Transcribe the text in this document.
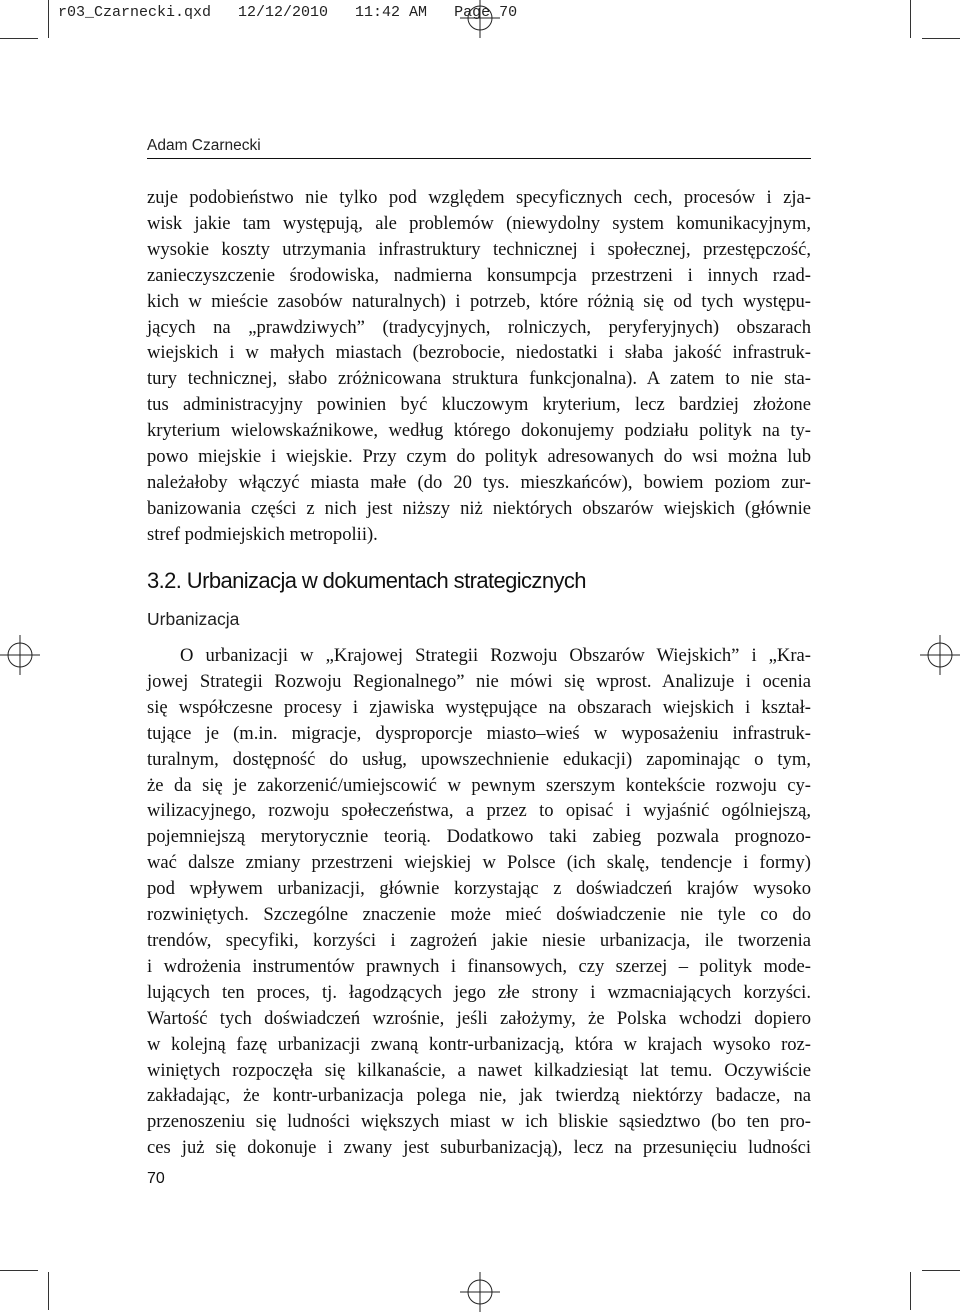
r03_Czarnecki.qxd   12/12/2010   11:42 AM   Page 70
Adam Czarnecki
zuje podobieństwo nie tylko pod względem specyficznych cech, procesów i zja-
wisk jakie tam występują, ale problemów (niewydolny system komunikacyjnym,
wysokie koszty utrzymania infrastruktury technicznej i społecznej, przestępczość,
zanieczyszczenie środowiska, nadmierna konsumpcja przestrzeni i innych rzad-
kich w mieście zasobów naturalnych) i potrzeb, które różnią się od tych występu-
jących na „prawdziwych” (tradycyjnych, rolniczych, peryferyjnych) obszarach
wiejskich i w małych miastach (bezrobocie, niedostatki i słaba jakość infrastruk-
tury technicznej, słabo zróżnicowana struktura funkcjonalna). A zatem to nie sta-
tus administracyjny powinien być kluczowym kryterium, lecz bardziej złożone
kryterium wielowskaźnikowe, według którego dokonujemy podziału polityk na ty-
powo miejskie i wiejskie. Przy czym do polityk adresowanych do wsi można lub
należałoby włączyć miasta małe (do 20 tys. mieszkańców), bowiem poziom zur-
banizowania części z nich jest niższy niż niektórych obszarów wiejskich (głównie
stref podmiejskich metropolii).
3.2. Urbanizacja w dokumentach strategicznych
Urbanizacja
O urbanizacji w „Krajowej Strategii Rozwoju Obszarów Wiejskich” i „Kra-
jowej Strategii Rozwoju Regionalnego” nie mówi się wprost. Analizuje i ocenia
się współczesne procesy i zjawiska występujące na obszarach wiejskich i kształ-
tujące je (m.in. migracje, dysproporcje miasto–wieś w wyposażeniu infrastruk-
turalnym, dostępność do usług, upowszechnienie edukacji) zapominając o tym,
że da się je zakorzenić/umiejscowić w pewnym szerszym kontekście rozwoju cy-
wilizacyjnego, rozwoju społeczeństwa, a przez to opisać i wyjaśnić ogólniejszą,
pojemniejszą merytorycznie teorią. Dodatkowo taki zabieg pozwala prognozo-
wać dalsze zmiany przestrzeni wiejskiej w Polsce (ich skalę, tendencje i formy)
pod wpływem urbanizacji, głównie korzystając z doświadczeń krajów wysoko
rozwiniętych. Szczególne znaczenie może mieć doświadczenie nie tyle co do
trendów, specyfiki, korzyści i zagrożeń jakie niesie urbanizacja, ile tworzenia
i wdrożenia instrumentów prawnych i finansowych, czy szerzej – polityk mode-
lujących ten proces, tj. łagodzących jego złe strony i wzmacniających korzyści.
Wartość tych doświadczeń wzrośnie, jeśli założymy, że Polska wchodzi dopiero
w kolejną fazę urbanizacji zwaną kontr-urbanizacją, która w krajach wysoko roz-
winiętych rozpoczęła się kilkanaście, a nawet kilkadziesiąt lat temu. Oczywiście
zakładając, że kontr-urbanizacja polega nie, jak twierdzą niektórzy badacze, na
przenoszeniu się ludności większych miast w ich bliskie sąsiedztwo (bo ten pro-
ces już się dokonuje i zwany jest suburbanizacją), lecz na przesunięciu ludności
70
